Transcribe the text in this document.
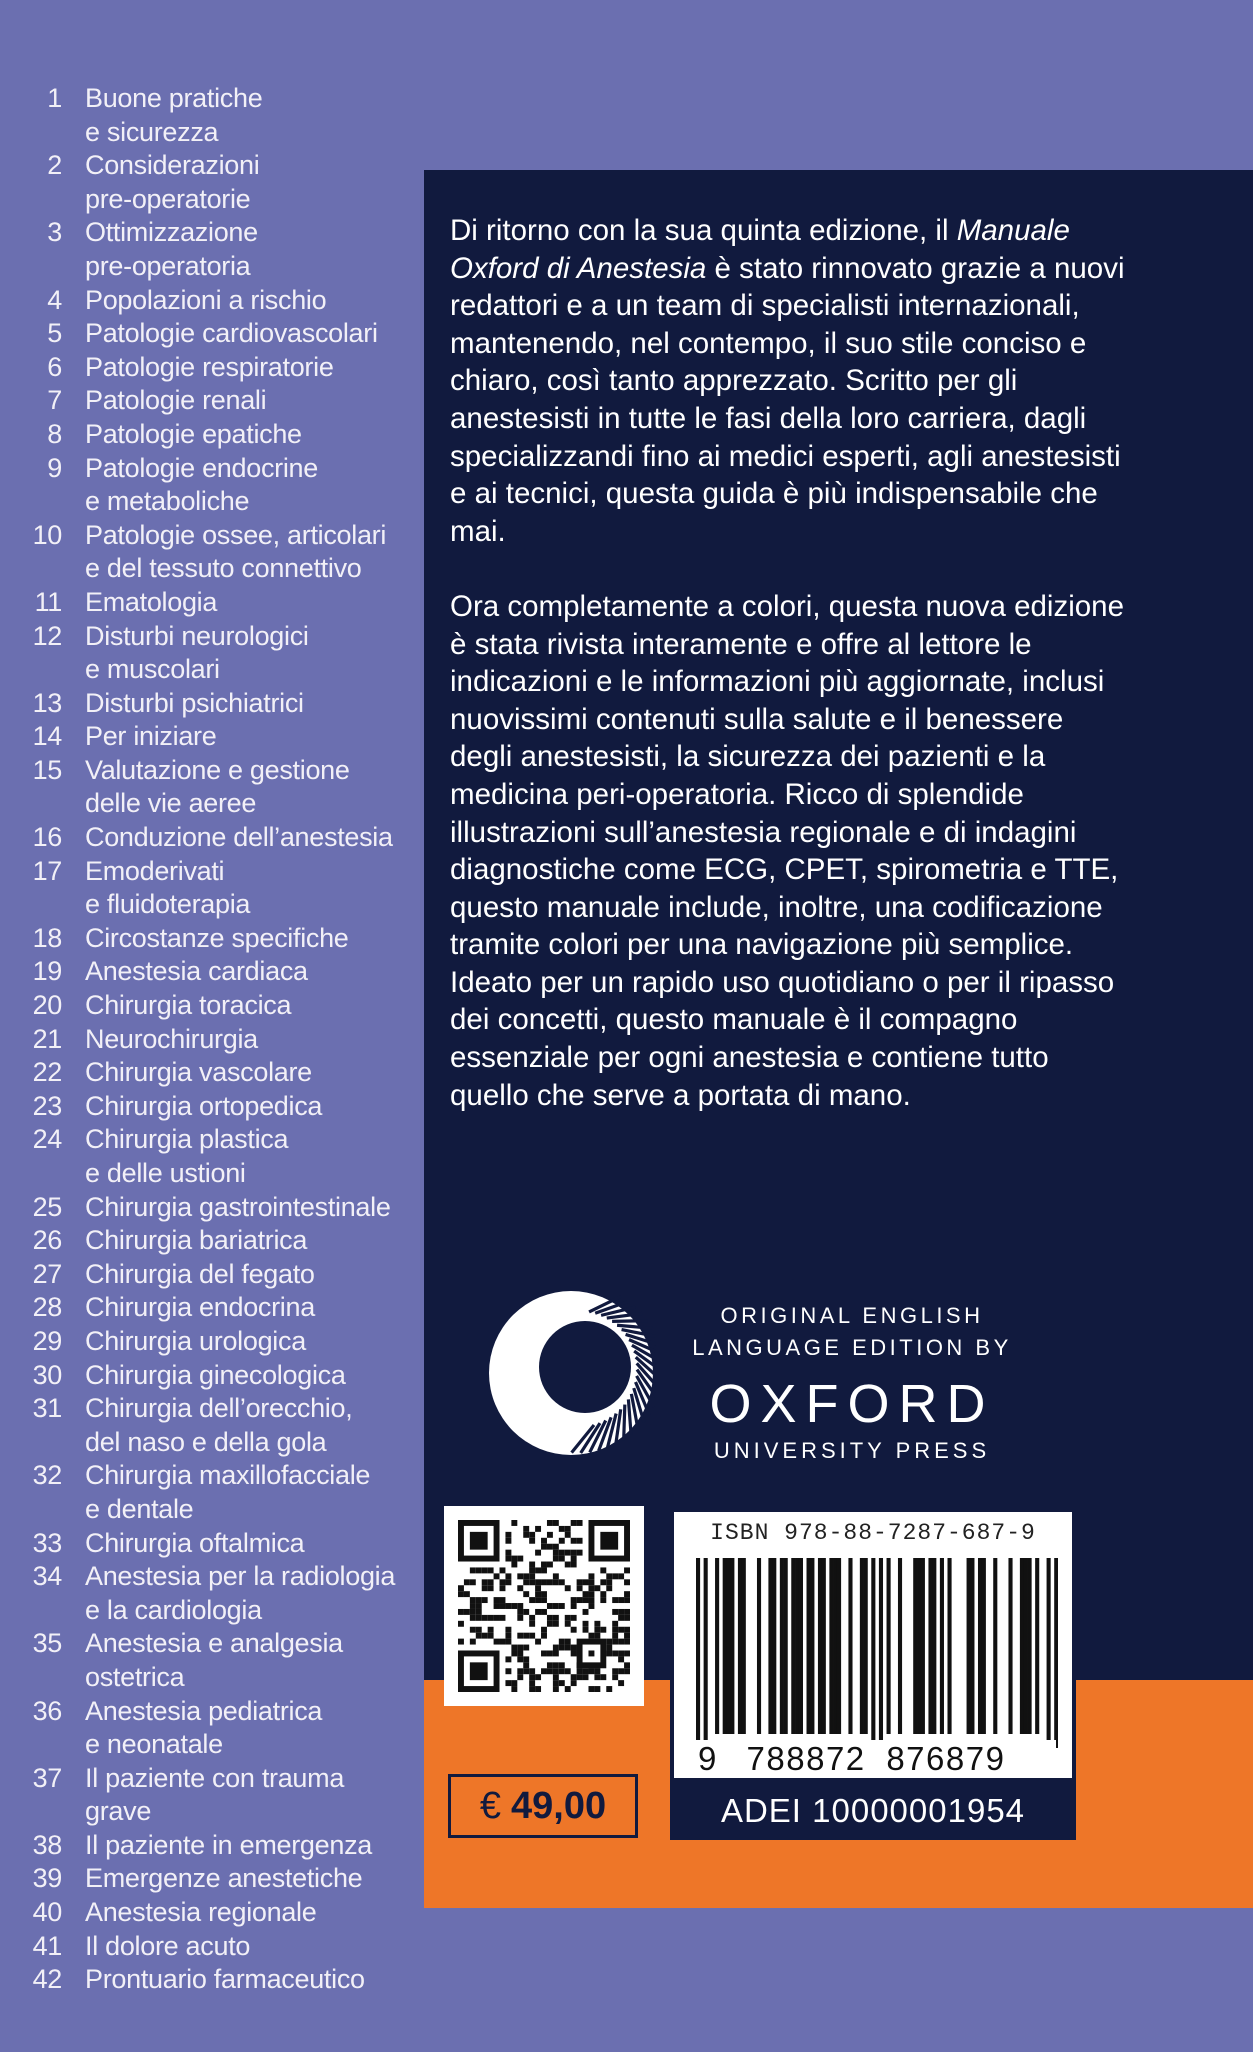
1 Buone pratiche
e sicurezza
2 Considerazioni
pre-operatorie
3 Ottimizzazione
pre-operatoria
4 Popolazioni a rischio
5 Patologie cardiovascolari
6 Patologie respiratorie
7 Patologie renali
8 Patologie epatiche
9 Patologie endocrine
e metaboliche
10 Patologie ossee, articolari
e del tessuto connettivo
11 Ematologia
12 Disturbi neurologici
e muscolari
13 Disturbi psichiatrici
14 Per iniziare
15 Valutazione e gestione
delle vie aeree
16 Conduzione dell’anestesia
17 Emoderivati
e fluidoterapia
18 Circostanze specifiche
19 Anestesia cardiaca
20 Chirurgia toracica
21 Neurochirurgia
22 Chirurgia vascolare
23 Chirurgia ortopedica
24 Chirurgia plastica
e delle ustioni
25 Chirurgia gastrointestinale
26 Chirurgia bariatrica
27 Chirurgia del fegato
28 Chirurgia endocrina
29 Chirurgia urologica
30 Chirurgia ginecologica
31 Chirurgia dell’orecchio,
del naso e della gola
32 Chirurgia maxillofacciale
e dentale
33 Chirurgia oftalmica
34 Anestesia per la radiologia
e la cardiologia
35 Anestesia e analgesia
ostetrica
36 Anestesia pediatrica
e neonatale
37 Il paziente con trauma
grave
38 Il paziente in emergenza
39 Emergenze anestetiche
40 Anestesia regionale
41 Il dolore acuto
42 Prontuario farmaceutico

Di ritorno con la sua quinta edizione, il Manuale Oxford di Anestesia è stato rinnovato grazie a nuovi redattori e a un team di specialisti internazionali, mantenendo, nel contempo, il suo stile conciso e chiaro, così tanto apprezzato. Scritto per gli anestesisti in tutte le fasi della loro carriera, dagli specializzandi fino ai medici esperti, agli anestesisti e ai tecnici, questa guida è più indispensabile che mai.

Ora completamente a colori, questa nuova edizione è stata rivista interamente e offre al lettore le indicazioni e le informazioni più aggiornate, inclusi nuovissimi contenuti sulla salute e il benessere degli anestesisti, la sicurezza dei pazienti e la medicina peri-operatoria. Ricco di splendide illustrazioni sull’anestesia regionale e di indagini diagnostiche come ECG, CPET, spirometria e TTE, questo manuale include, inoltre, una codificazione tramite colori per una navigazione più semplice. Ideato per un rapido uso quotidiano o per il ripasso dei concetti, questo manuale è il compagno essenziale per ogni anestesia e contiene tutto quello che serve a portata di mano.

ORIGINAL ENGLISH
LANGUAGE EDITION BY
OXFORD
UNIVERSITY PRESS
€ 49,00
ISBN 978-88-7287-687-9
9 788872 876879
ADEI 10000001954
